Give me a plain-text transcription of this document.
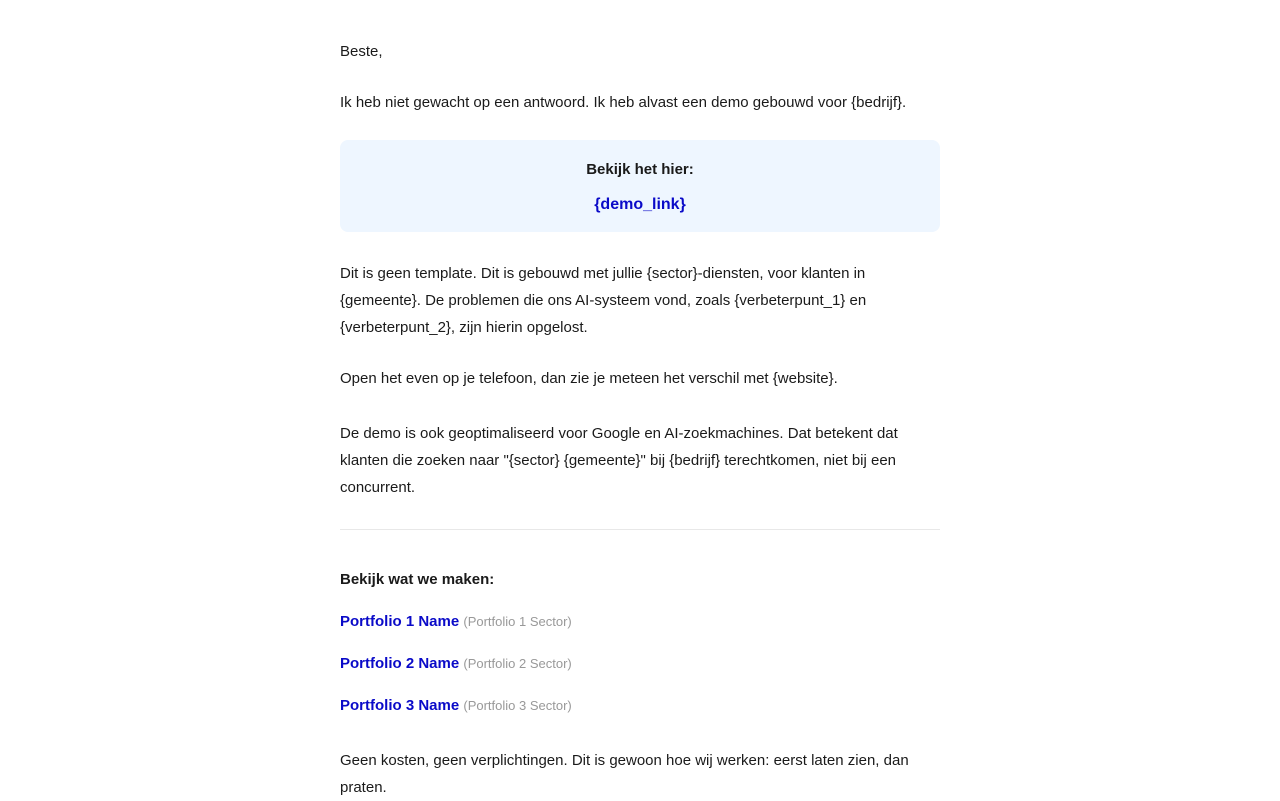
Beste,

Ik heb niet gewacht op een antwoord. Ik heb alvast een demo gebouwd voor {bedrijf}.

Bekijk het hier:

{demo_link}

Dit is geen template. Dit is gebouwd met jullie {sector}-diensten, voor klanten in {gemeente}. De problemen die ons AI-systeem vond, zoals {verbeterpunt_1} en {verbeterpunt_2}, zijn hierin opgelost.

Open het even op je telefoon, dan zie je meteen het verschil met {website}.

De demo is ook geoptimaliseerd voor Google en AI-zoekmachines. Dat betekent dat klanten die zoeken naar "{sector} {gemeente}" bij {bedrijf} terechtkomen, niet bij een concurrent.

Bekijk wat we maken:

Portfolio 1 Name (Portfolio 1 Sector)

Portfolio 2 Name (Portfolio 2 Sector)

Portfolio 3 Name (Portfolio 3 Sector)

Geen kosten, geen verplichtingen. Dit is gewoon hoe wij werken: eerst laten zien, dan praten.
